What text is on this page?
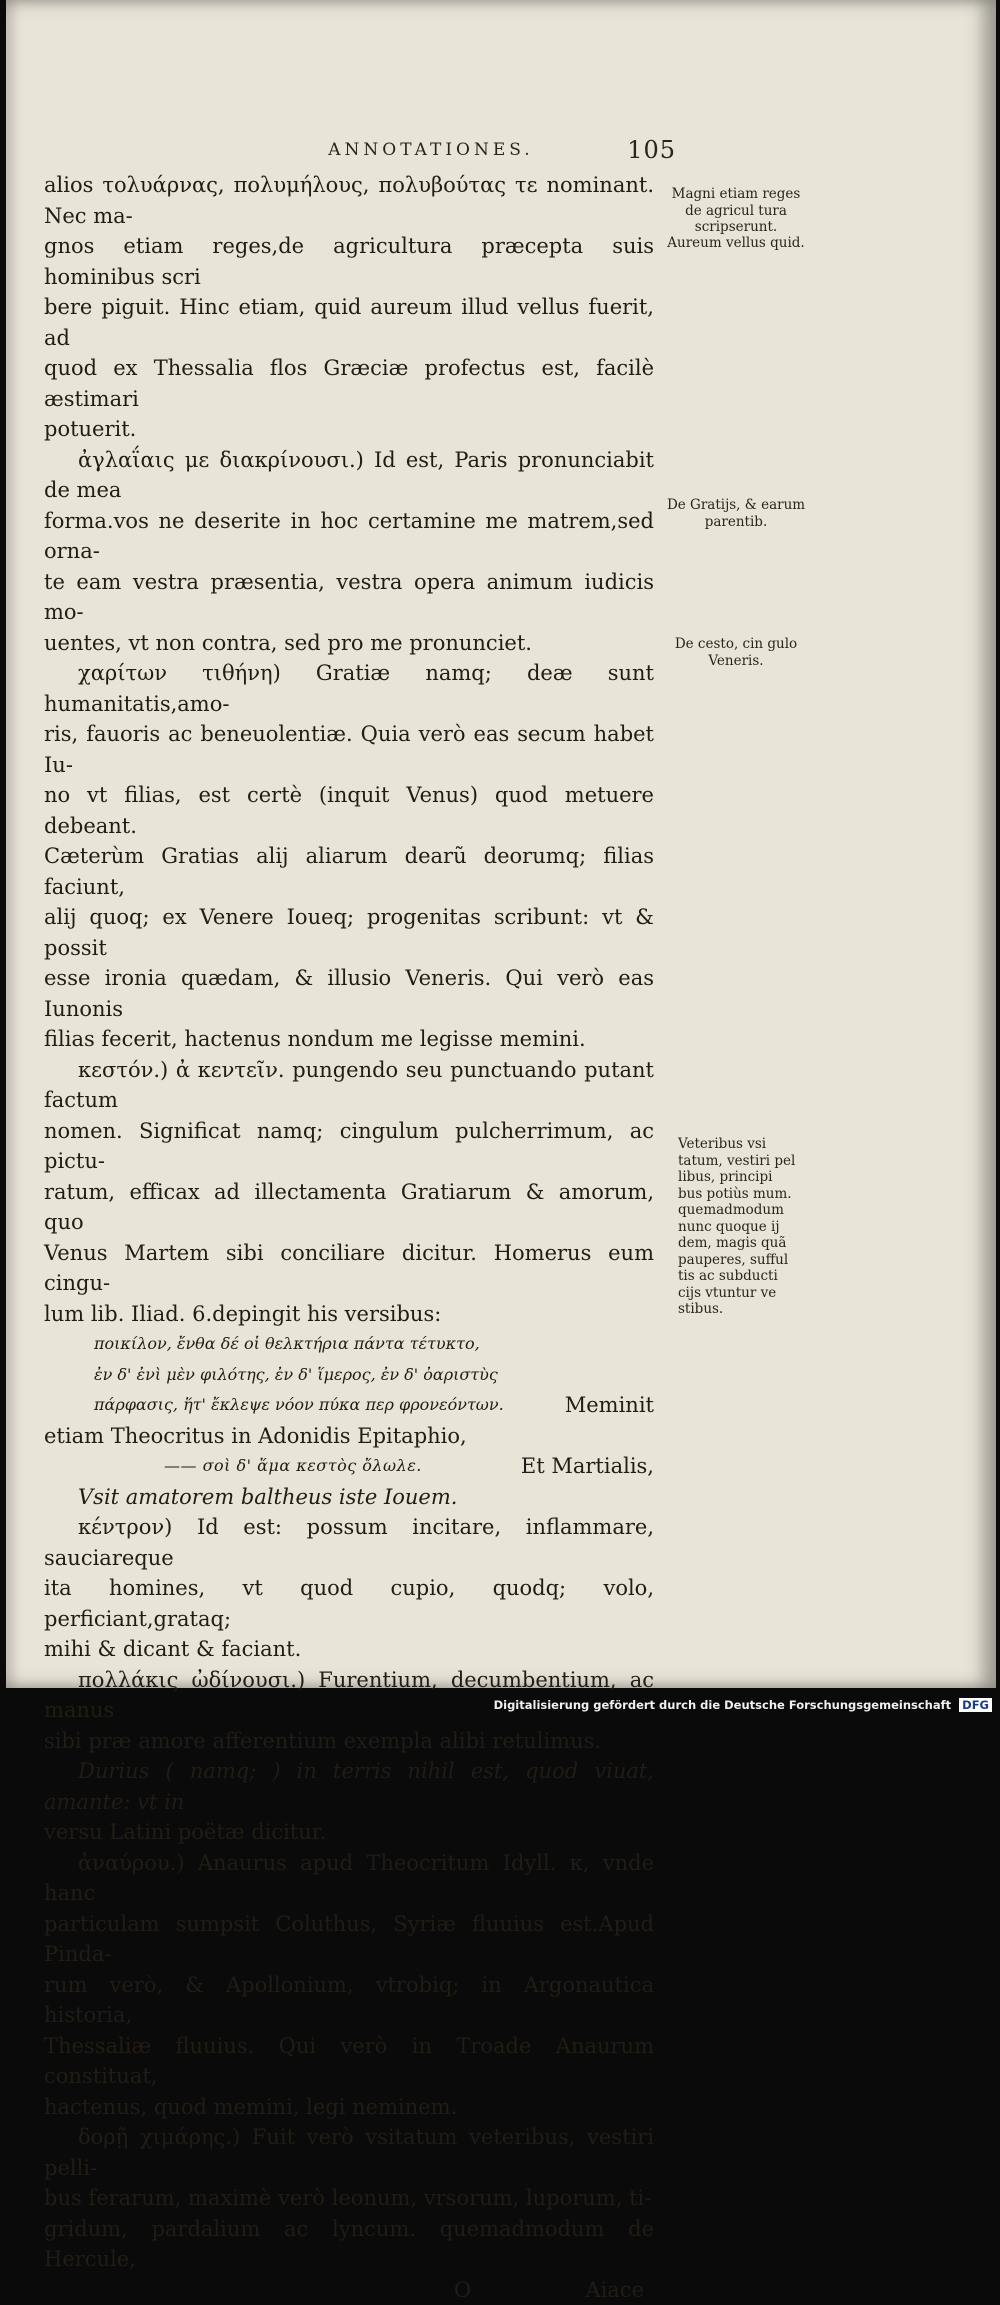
ANNOTATIONES.	105

alios τολυάρνας, πολυμήλους, πολυβούτας τε nominant. Nec ma-

gnos etiam reges,de agricultura præcepta suis hominibus scri

bere piguit. Hinc etiam, quid aureum illud vellus fuerit, ad

quod ex Thessalia flos Græciæ profectus est, facilè æstimari

potuerit.

ἀγλαΐαις με διακρίνουσι.) Id est, Paris pronunciabit de mea

forma.vos ne deserite in hoc certamine me matrem,sed orna-

te eam vestra præsentia, vestra opera animum iudicis mo-

uentes, vt non contra, sed pro me pronunciet.

χαρίτων τιθήνη) Gratiæ namq; deæ sunt humanitatis,amo-

ris, fauoris ac beneuolentiæ. Quia verò eas secum habet Iu-

no vt filias, est certè (inquit Venus) quod metuere debeant.

Cæterùm Gratias alij aliarum dearũ deorumq; filias faciunt,

alij quoq; ex Venere Ioueq; progenitas scribunt: vt & possit

esse ironia quædam, & illusio Veneris. Qui verò eas Iunonis

filias fecerit, hactenus nondum me legisse memini.

κεστόν.) ἀ κεντεῖν. pungendo seu punctuando putant factum

nomen. Significat namq; cingulum pulcherrimum, ac pictu-

ratum, efficax ad illectamenta Gratiarum & amorum, quo

Venus Martem sibi conciliare dicitur. Homerus eum cingu-

lum lib. Iliad. 6.depingit his versibus:

ποικίλον, ἔνθα δέ οἱ θελκτήρια πάντα τέτυκτο,

ἐν δ' ἐνὶ μὲν φιλότης, ἐν δ' ἵμερος, ἐν δ' ὀαριστὺς

πάρφασις, ἥτ' ἔκλεψε νόον πύκα περ φρονεόντων.	Meminit

etiam Theocritus in Adonidis Epitaphio,

—— σοὶ δ' ἅμα κεστὸς ὄλωλε.	Et Martialis,

Vsit amatorem baltheus iste Iouem.

κέντρον) Id est: possum incitare, inflammare, sauciareque

ita homines, vt quod cupio, quodq; volo, perficiant,grataq;

mihi & dicant & faciant.

πολλάκις ὠδίνουσι.) Furentium, decumbentium, ac manus

sibi præ amore afferentium exempla alibi retulimus.

Durius ( namq; ) in terris nihil est, quod viuat, amante: vt in

versu Latini poëtæ dicitur.

ἀναύρου.) Anaurus apud Theocritum Idyll. κ, vnde hanc

particulam sumpsit Coluthus, Syriæ fluuius est.Apud Pinda-

rum verò, & Apollonium, vtrobiq; in Argonautica historia,

Thessaliæ fluuius. Qui verò in Troade Anaurum constituat,

hactenus, quod memini, legi neminem.

δορῇ χιμάρης.) Fuit verò vsitatum veteribus, vestiri pelli-

bus ferarum, maximè verò leonum, vrsorum, luporum, ti-

gridum, pardalium ac lyncum. quemadmodum de Hercule,

O	Aiace
Magni etiam reges de agricul tura scripserunt.
Aureum vellus quid.
De Gratijs, & earum parentib.
De cesto, cin gulo Veneris.
Veteribus vsi tatum, vestiri pel libus, principi bus potiùs mum. quemadmodum nunc quoque ij dem, magis quã pauperes, sufful tis ac subducti cijs vtuntur ve stibus.
Digitalisierung gefördert durch die Deutsche Forschungsgemeinschaft DFG
